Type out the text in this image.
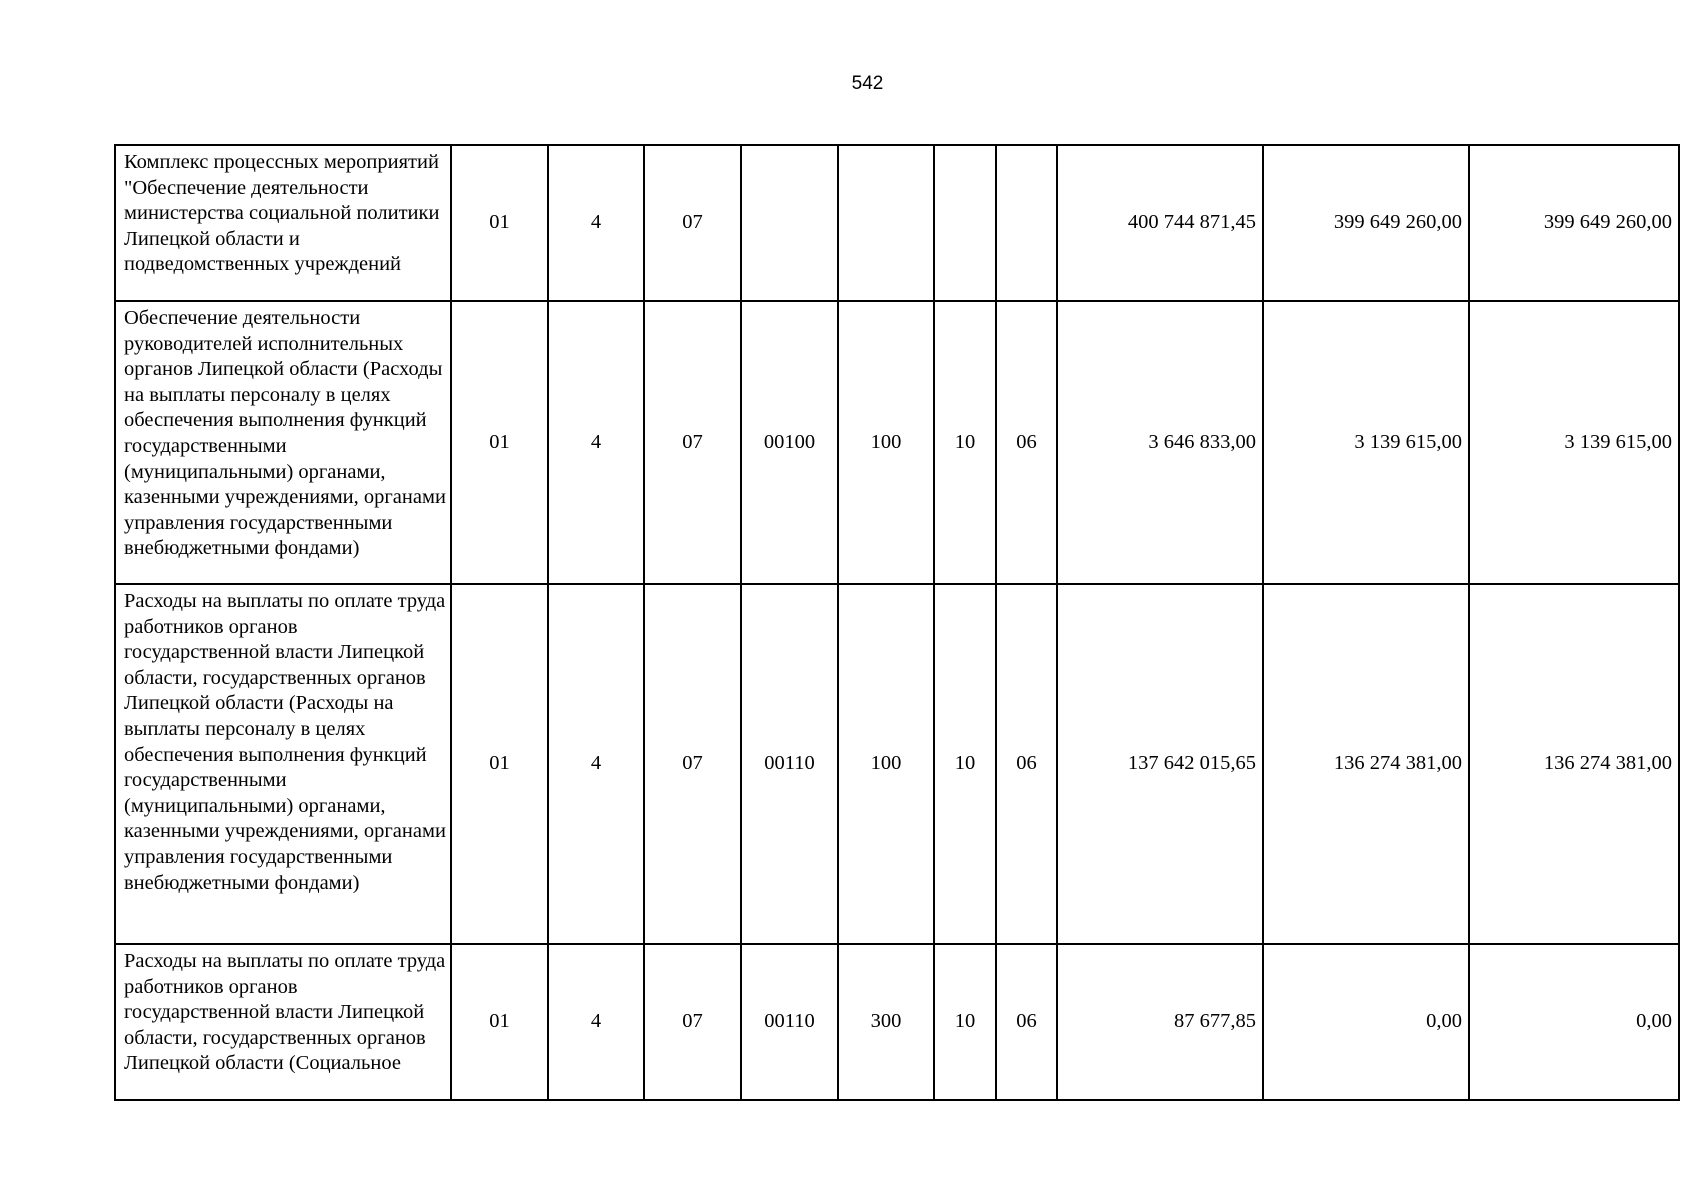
542
Комплекс процессных мероприятий "Обеспечение деятельности министерства социальной политики Липецкой области и подведомственных учреждений	01	4	07					400 744 871,45	399 649 260,00	399 649 260,00

Обеспечение деятельности руководителей исполнительных органов Липецкой области (Расходы на выплаты персоналу в целях обеспечения выполнения функций государственными (муниципальными) органами, казенными учреждениями, органами управления государственными внебюджетными фондами)	01	4	07	00100	100	10	06	3 646 833,00	3 139 615,00	3 139 615,00

Расходы на выплаты по оплате труда работников органов государственной власти Липецкой области, государственных органов Липецкой области (Расходы на выплаты персоналу в целях обеспечения выполнения функций государственными (муниципальными) органами, казенными учреждениями, органами управления государственными внебюджетными фондами)	01	4	07	00110	100	10	06	137 642 015,65	136 274 381,00	136 274 381,00

Расходы на выплаты по оплате труда работников органов государственной власти Липецкой области, государственных органов Липецкой области (Социальное	01	4	07	00110	300	10	06	87 677,85	0,00	0,00
